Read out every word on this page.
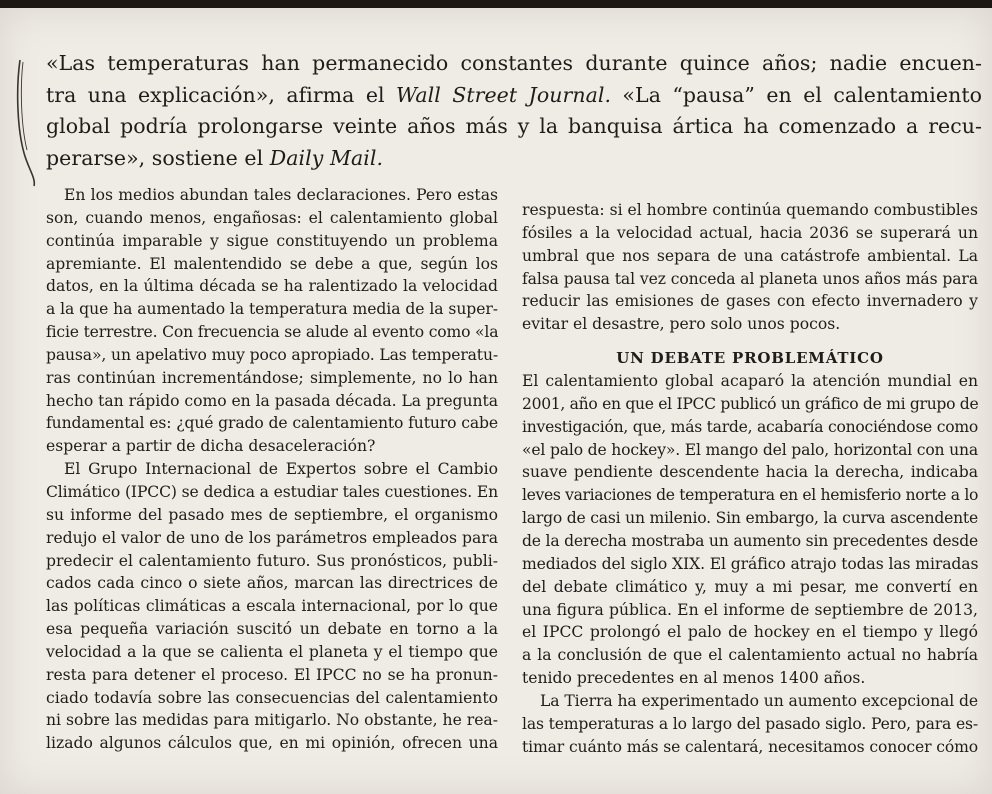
«Las temperaturas han permanecido constantes durante quince años; nadie encuen-
tra una explicación», afirma el Wall Street Journal. «La “pausa” en el calentamiento
global podría prolongarse veinte años más y la banquisa ártica ha comenzado a recu-
perarse», sostiene el Daily Mail.
En los medios abundan tales declaraciones. Pero estas
son, cuando menos, engañosas: el calentamiento global
continúa imparable y sigue constituyendo un problema
apremiante. El malentendido se debe a que, según los
datos, en la última década se ha ralentizado la velocidad
a la que ha aumentado la temperatura media de la super-
ficie terrestre. Con frecuencia se alude al evento como «la
pausa», un apelativo muy poco apropiado. Las temperatu-
ras continúan incrementándose; simplemente, no lo han
hecho tan rápido como en la pasada década. La pregunta
fundamental es: ¿qué grado de calentamiento futuro cabe
esperar a partir de dicha desaceleración?
El Grupo Internacional de Expertos sobre el Cambio
Climático (IPCC) se dedica a estudiar tales cuestiones. En
su informe del pasado mes de septiembre, el organismo
redujo el valor de uno de los parámetros empleados para
predecir el calentamiento futuro. Sus pronósticos, publi-
cados cada cinco o siete años, marcan las directrices de
las políticas climáticas a escala internacional, por lo que
esa pequeña variación suscitó un debate en torno a la
velocidad a la que se calienta el planeta y el tiempo que
resta para detener el proceso. El IPCC no se ha pronun-
ciado todavía sobre las consecuencias del calentamiento
ni sobre las medidas para mitigarlo. No obstante, he rea-
lizado algunos cálculos que, en mi opinión, ofrecen una
respuesta: si el hombre continúa quemando combustibles
fósiles a la velocidad actual, hacia 2036 se superará un
umbral que nos separa de una catástrofe ambiental. La
falsa pausa tal vez conceda al planeta unos años más para
reducir las emisiones de gases con efecto invernadero y
evitar el desastre, pero solo unos pocos.
UN DEBATE PROBLEMÁTICO
El calentamiento global acaparó la atención mundial en
2001, año en que el IPCC publicó un gráfico de mi grupo de
investigación, que, más tarde, acabaría conociéndose como
«el palo de hockey». El mango del palo, horizontal con una
suave pendiente descendente hacia la derecha, indicaba
leves variaciones de temperatura en el hemisferio norte a lo
largo de casi un milenio. Sin embargo, la curva ascendente
de la derecha mostraba un aumento sin precedentes desde
mediados del siglo XIX. El gráfico atrajo todas las miradas
del debate climático y, muy a mi pesar, me convertí en
una figura pública. En el informe de septiembre de 2013,
el IPCC prolongó el palo de hockey en el tiempo y llegó
a la conclusión de que el calentamiento actual no habría
tenido precedentes en al menos 1400 años.
La Tierra ha experimentado un aumento excepcional de
las temperaturas a lo largo del pasado siglo. Pero, para es-
timar cuánto más se calentará, necesitamos conocer cómo
